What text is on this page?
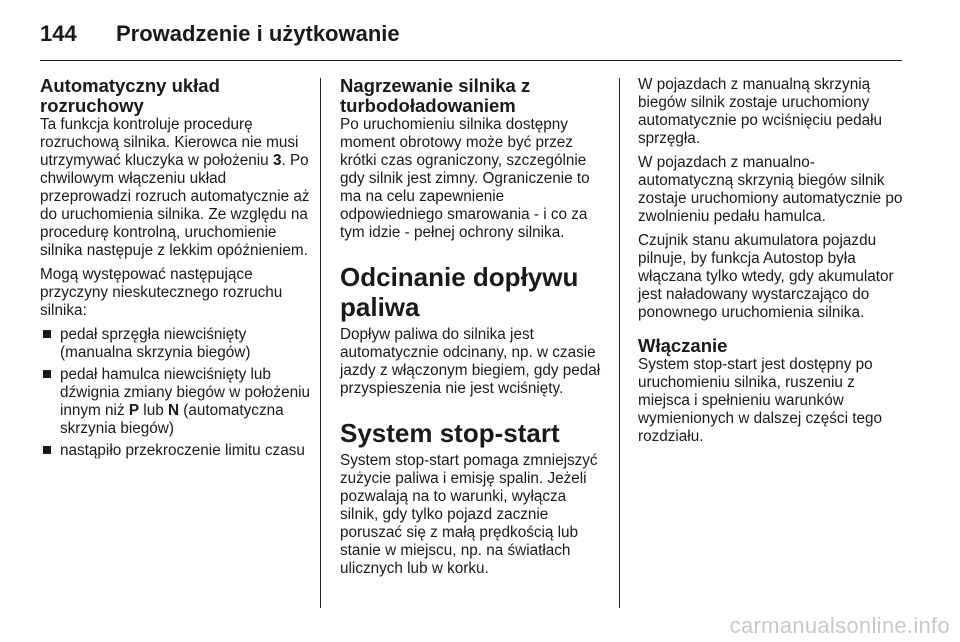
144	Prowadzenie i użytkowanie
Automatyczny układ rozruchowy

Ta funkcja kontroluje procedurę rozruchową silnika. Kierowca nie musi utrzymywać kluczyka w położeniu 3. Po chwilowym włączeniu układ przeprowadzi rozruch automatycznie aż do uruchomienia silnika. Ze względu na procedurę kontrolną, uruchomienie silnika następuje z lekkim opóźnieniem.

Mogą występować następujące przyczyny nieskutecznego rozruchu silnika:

pedał sprzęgła niewciśnięty (manualna skrzynia biegów)
pedał hamulca niewciśnięty lub dźwignia zmiany biegów w położeniu innym niż P lub N (automatyczna skrzynia biegów)
nastąpiło przekroczenie limitu czasu
Nagrzewanie silnika z turbodoładowaniem

Po uruchomieniu silnika dostępny moment obrotowy może być przez krótki czas ograniczony, szczególnie gdy silnik jest zimny. Ograniczenie to ma na celu zapewnienie odpowiedniego smarowania - i co za tym idzie - pełnej ochrony silnika.

Odcinanie dopływu paliwa

Dopływ paliwa do silnika jest automatycznie odcinany, np. w czasie jazdy z włączonym biegiem, gdy pedał przyspieszenia nie jest wciśnięty.

System stop-start

System stop-start pomaga zmniejszyć zużycie paliwa i emisję spalin. Jeżeli pozwalają na to warunki, wyłącza silnik, gdy tylko pojazd zacznie poruszać się z małą prędkością lub stanie w miejscu, np. na światłach ulicznych lub w korku.

W pojazdach z manualną skrzynią biegów silnik zostaje uruchomiony automatycznie po wciśnięciu pedału sprzęgła.

W pojazdach z manualno-automatyczną skrzynią biegów silnik zostaje uruchomiony automatycznie po zwolnieniu pedału hamulca.

Czujnik stanu akumulatora pojazdu pilnuje, by funkcja Autostop była włączana tylko wtedy, gdy akumulator jest naładowany wystarczająco do ponownego uruchomienia silnika.

Włączanie

System stop-start jest dostępny po uruchomieniu silnika, ruszeniu z miejsca i spełnieniu warunków wymienionych w dalszej części tego rozdziału.

carmanualsonline.info
